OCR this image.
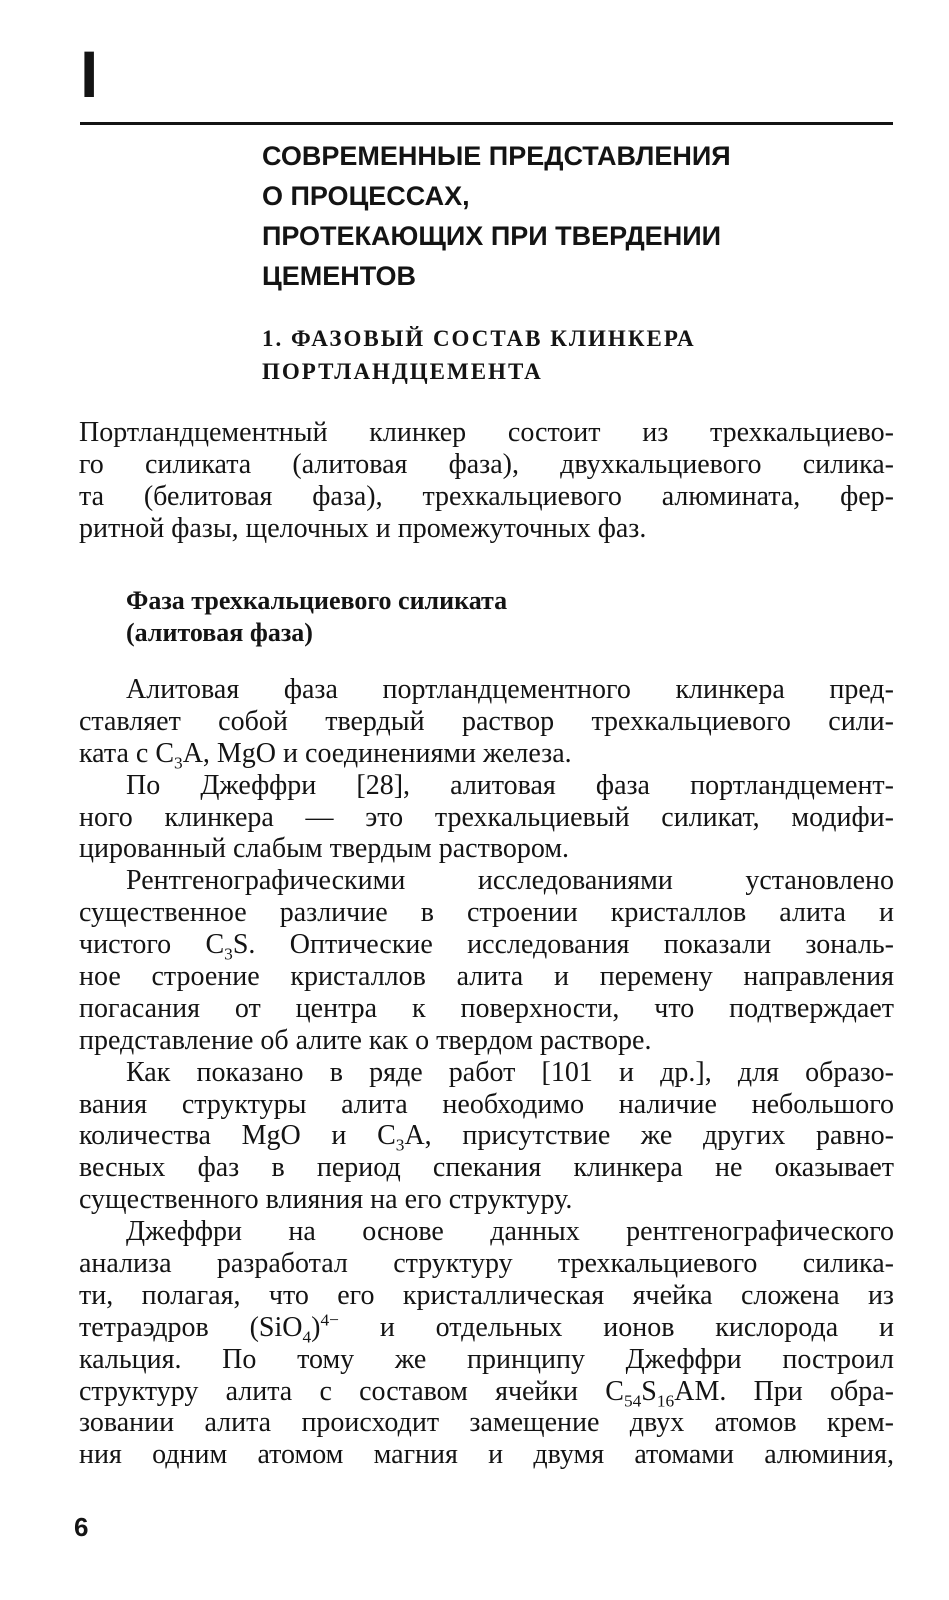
I
СОВРЕМЕННЫЕ ПРЕДСТАВЛЕНИЯ
О ПРОЦЕССАХ,
ПРОТЕКАЮЩИХ ПРИ ТВЕРДЕНИИ
ЦЕМЕНТОВ
1. ФАЗОВЫЙ СОСТАВ КЛИНКЕРА
ПОРТЛАНДЦЕМЕНТА
Портландцементный клинкер состоит из трехкальциево-
го силиката (алитовая фаза), двухкальциевого силика-
та (белитовая фаза), трехкальциевого алюмината, фер-
ритной фазы, щелочных и промежуточных фаз.
Фаза трехкальциевого силиката
(алитовая фаза)
Алитовая фаза портландцементного клинкера пред-
ставляет собой твердый раствор трехкальциевого сили-
ката с $C_3A$, MgO и соединениями железа.
По Джеффри [28], алитовая фаза портландцемент-
ного клинкера — это трехкальциевый силикат, модифи-
цированный слабым твердым раствором.
Рентгенографическими исследованиями установлено
существенное различие в строении кристаллов алита и
чистого $C_3S$. Оптические исследования показали зональ-
ное строение кристаллов алита и перемену направления
погасания от центра к поверхности, что подтверждает
представление об алите как о твердом растворе.
Как показано в ряде работ [101 и др.], для образо-
вания структуры алита необходимо наличие небольшого
количества MgO и $C_3A$, присутствие же других равно-
весных фаз в период спекания клинкера не оказывает
существенного влияния на его структуру.
Джеффри на основе данных рентгенографического
анализа разработал структуру трехкальциевого силика-
ти, полагая, что его кристаллическая ячейка сложена из
тетраэдров $(SiO_4)^{4-}$ и отдельных ионов кислорода и
кальция. По тому же принципу Джеффри построил
структуру алита с составом ячейки $C_{54}S_{16}AM$. При обра-
зовании алита происходит замещение двух атомов крем-
ния одним атомом магния и двумя атомами алюминия,
6
